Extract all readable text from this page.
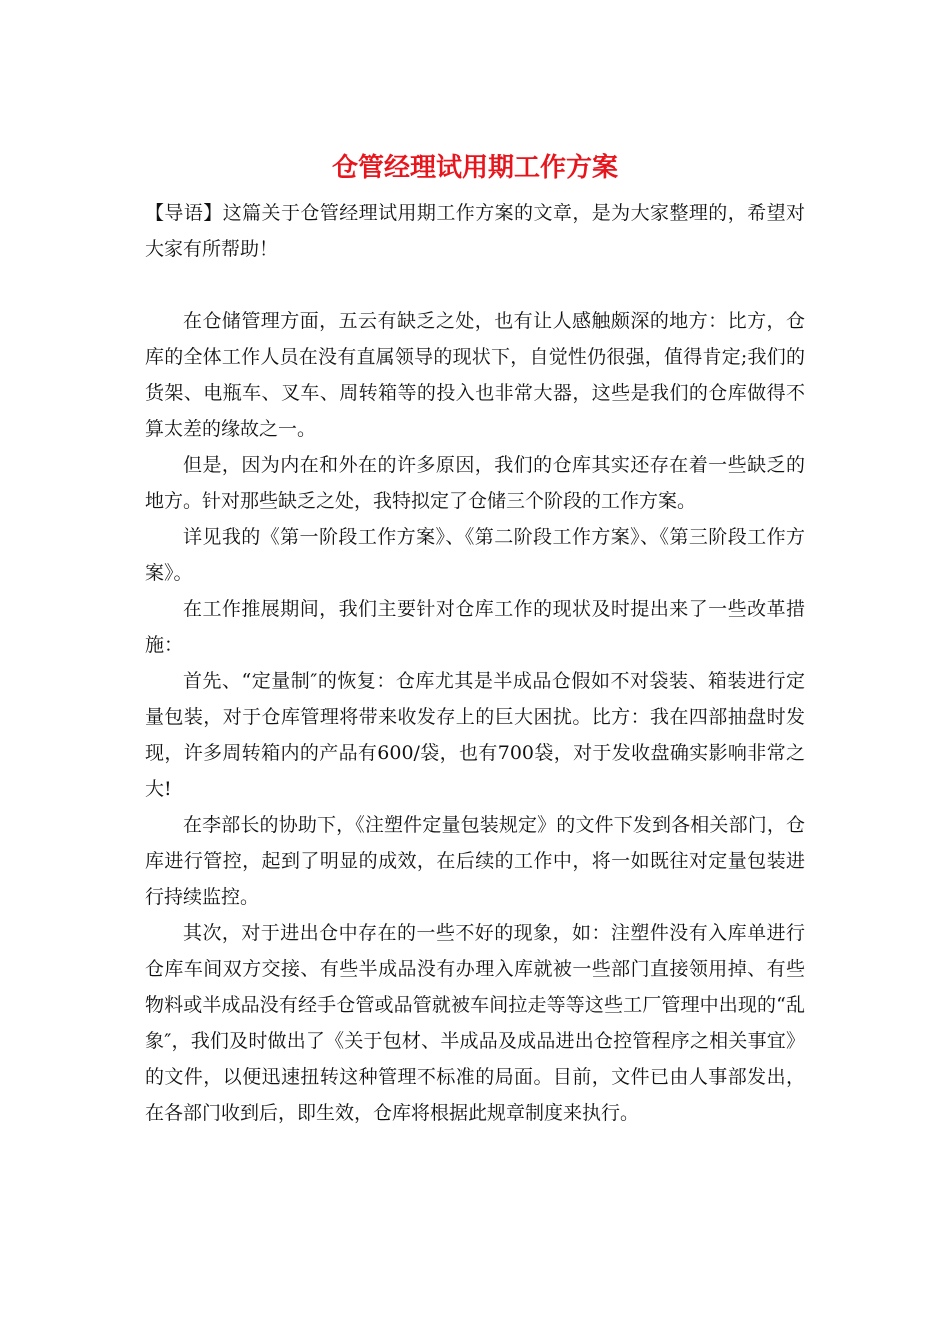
仓管经理试用期工作方案

【导语】这篇关于仓管经理试用期工作方案的文章，是为大家整理的，希望对大家有所帮助！

在仓储管理方面，五云有缺乏之处，也有让人感触颇深的地方：比方，仓库的全体工作人员在没有直属领导的现状下，自觉性仍很强，值得肯定;我们的货架、电瓶车、叉车、周转箱等的投入也非常大器，这些是我们的仓库做得不算太差的缘故之一。

但是，因为内在和外在的许多原因，我们的仓库其实还存在着一些缺乏的地方。针对那些缺乏之处，我特拟定了仓储三个阶段的工作方案。

详见我的《第一阶段工作方案》、《第二阶段工作方案》、《第三阶段工作方案》。

在工作推展期间，我们主要针对仓库工作的现状及时提出来了一些改革措施：

首先、“定量制″的恢复：仓库尤其是半成品仓假如不对袋装、箱装进行定量包装，对于仓库管理将带来收发存上的巨大困扰。比方：我在四部抽盘时发现，许多周转箱内的产品有600/袋，也有700袋，对于发收盘确实影响非常之大!

在李部长的协助下，《注塑件定量包装规定》的文件下发到各相关部门，仓库进行管控，起到了明显的成效，在后续的工作中，将一如既往对定量包装进行持续监控。

其次，对于进出仓中存在的一些不好的现象，如：注塑件没有入库单进行仓库车间双方交接、有些半成品没有办理入库就被一些部门直接领用掉、有些物料或半成品没有经手仓管或品管就被车间拉走等等这些工厂管理中出现的“乱象″，我们及时做出了《关于包材、半成品及成品进出仓控管程序之相关事宜》的文件，以便迅速扭转这种管理不标准的局面。目前，文件已由人事部发出，在各部门收到后，即生效，仓库将根据此规章制度来执行。
